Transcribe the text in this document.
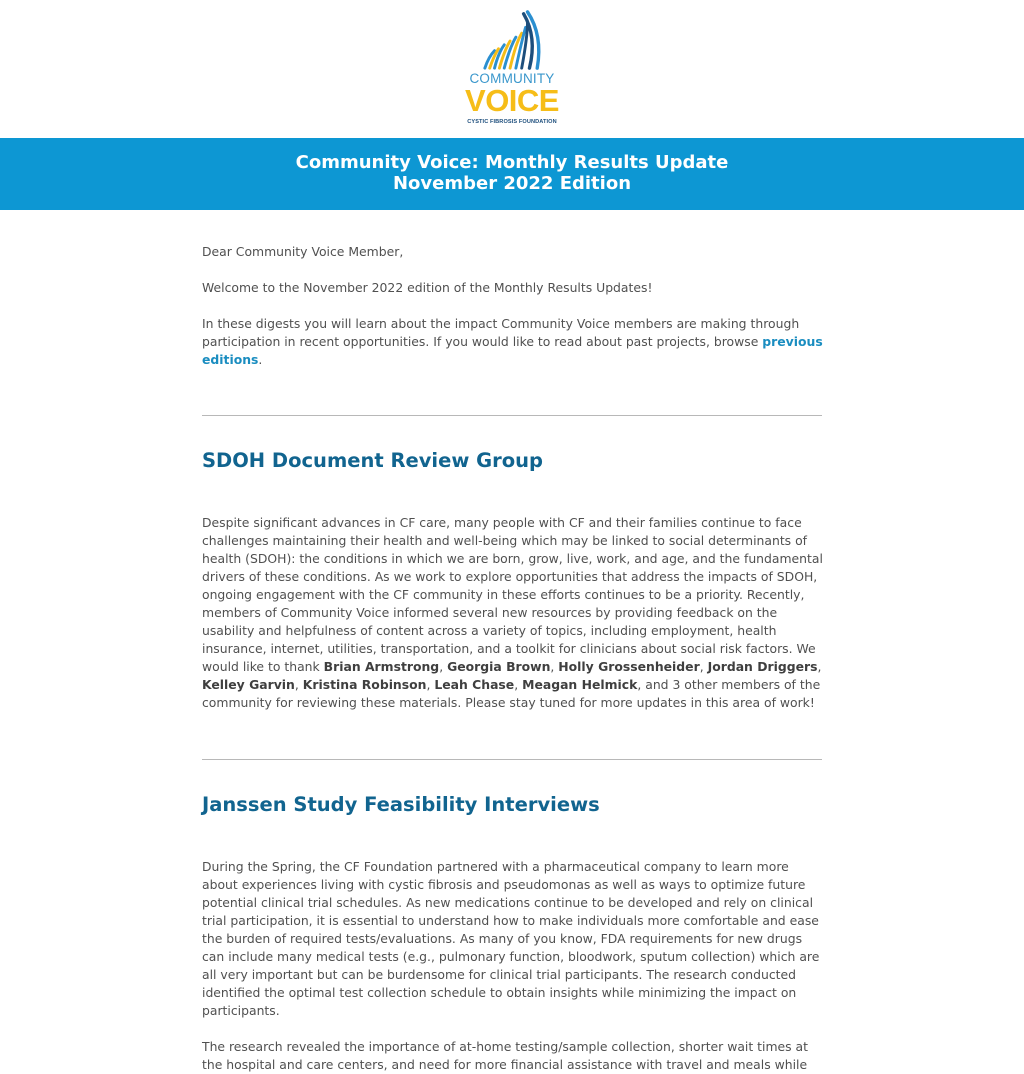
COMMUNITY
VOICE
CYSTIC FIBROSIS FOUNDATION
Community Voice: Monthly Results Update
November 2022 Edition

Dear Community Voice Member,

Welcome to the November 2022 edition of the Monthly Results Updates!

In these digests you will learn about the impact Community Voice members are making through participation in recent opportunities. If you would like to read about past projects, browse previous editions.

SDOH Document Review Group

Despite significant advances in CF care, many people with CF and their families continue to face challenges maintaining their health and well-being which may be linked to social determinants of health (SDOH): the conditions in which we are born, grow, live, work, and age, and the fundamental drivers of these conditions. As we work to explore opportunities that address the impacts of SDOH, ongoing engagement with the CF community in these efforts continues to be a priority. Recently, members of Community Voice informed several new resources by providing feedback on the usability and helpfulness of content across a variety of topics, including employment, health insurance, internet, utilities, transportation, and a toolkit for clinicians about social risk factors. We would like to thank Brian Armstrong, Georgia Brown, Holly Grossenheider, Jordan Driggers, Kelley Garvin, Kristina Robinson, Leah Chase, Meagan Helmick, and 3 other members of the community for reviewing these materials. Please stay tuned for more updates in this area of work!

Janssen Study Feasibility Interviews

During the Spring, the CF Foundation partnered with a pharmaceutical company to learn more about experiences living with cystic fibrosis and pseudomonas as well as ways to optimize future potential clinical trial schedules. As new medications continue to be developed and rely on clinical trial participation, it is essential to understand how to make individuals more comfortable and ease the burden of required tests/evaluations. As many of you know, FDA requirements for new drugs can include many medical tests (e.g., pulmonary function, bloodwork, sputum collection) which are all very important but can be burdensome for clinical trial participants. The research conducted identified the optimal test collection schedule to obtain insights while minimizing the impact on participants.

The research revealed the importance of at-home testing/sample collection, shorter wait times at the hospital and care centers, and need for more financial assistance with travel and meals while
